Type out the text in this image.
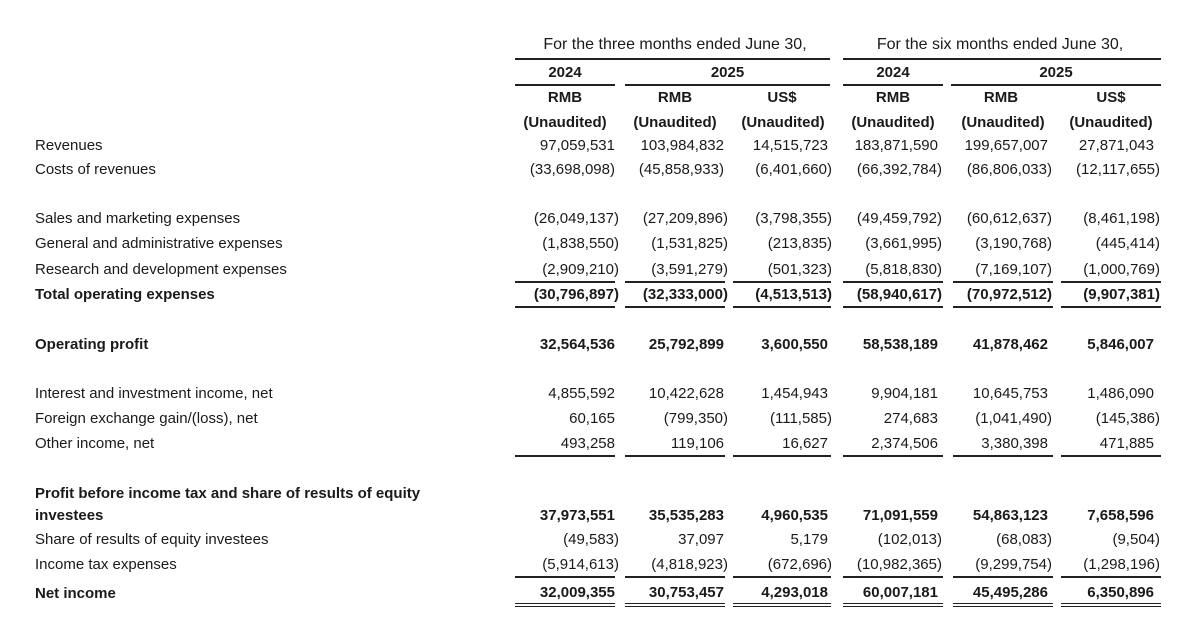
For the three months ended June 30,	For the six months ended June 30,
2024	2025	2024	2025
RMB	RMB	US$	RMB	RMB	US$
(Unaudited)	(Unaudited)	(Unaudited)	(Unaudited)	(Unaudited)	(Unaudited)
Revenues	97,059,531 103,984,832 14,515,723 183,871,590 199,657,007 27,871,043
Costs of revenues	(33,698,098) (45,858,933) (6,401,660) (66,392,784) (86,806,033) (12,117,655)
Sales and marketing expenses	(26,049,137) (27,209,896) (3,798,355) (49,459,792) (60,612,637) (8,461,198)
General and administrative expenses	(1,838,550) (1,531,825)	(213,835) (3,661,995) (3,190,768)	(445,414)
Research and development expenses	(2,909,210) (3,591,279)	(501,323) (5,818,830) (7,169,107) (1,000,769)
Total operating expenses	(30,796,897) (32,333,000) (4,513,513) (58,940,617) (70,972,512) (9,907,381)
Operating profit	32,564,536 25,792,899 3,600,550 58,538,189 41,878,462	5,846,007
Interest and investment income, net	4,855,592 10,422,628 1,454,943	9,904,181 10,645,753	1,486,090
Foreign exchange gain/(loss), net	60,165	(799,350)	(111,585)	274,683 (1,041,490)	(145,386)
Other income, net	493,258	119,106	16,627	2,374,506	3,380,398	471,885
Profit before income tax and share of results of equity
investees	37,973,551 35,535,283 4,960,535 71,091,559 54,863,123	7,658,596
Share of results of equity investees	(49,583)	37,097	5,179	(102,013)	(68,083)	(9,504)
Income tax expenses	(5,914,613) (4,818,923)	(672,696) (10,982,365) (9,299,754) (1,298,196)
Net income	32,009,355 30,753,457 4,293,018 60,007,181 45,495,286	6,350,896
